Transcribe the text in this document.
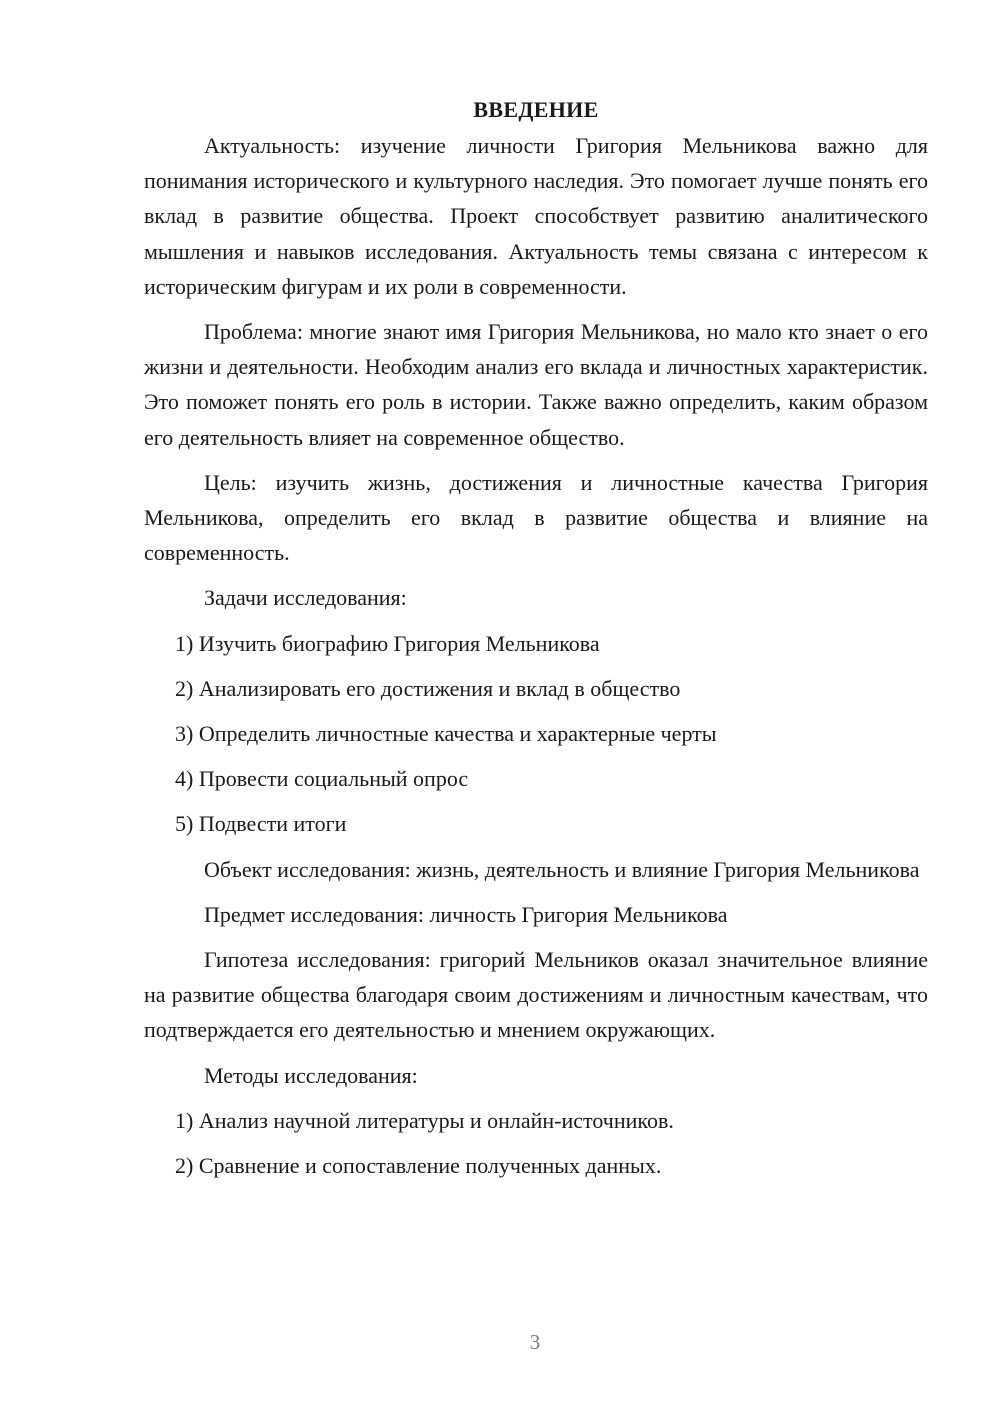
ВВЕДЕНИЕ

Актуальность: изучение личности Григория Мельникова важно для понимания исторического и культурного наследия. Это помогает лучше понять его вклад в развитие общества. Проект способствует развитию аналитического мышления и навыков исследования. Актуальность темы связана с интересом к историческим фигурам и их роли в современности.

Проблема: многие знают имя Григория Мельникова, но мало кто знает о его жизни и деятельности. Необходим анализ его вклада и личностных характеристик. Это поможет понять его роль в истории. Также важно определить, каким образом его деятельность влияет на современное общество.

Цель: изучить жизнь, достижения и личностные качества Григория Мельникова, определить его вклад в развитие общества и влияние на современность.

Задачи исследования:
1) Изучить биографию Григория Мельникова
2) Анализировать его достижения и вклад в общество
3) Определить личностные качества и характерные черты
4) Провести социальный опрос
5) Подвести итоги

Объект исследования: жизнь, деятельность и влияние Григория Мельникова

Предмет исследования: личность Григория Мельникова

Гипотеза исследования: григорий Мельников оказал значительное влияние на развитие общества благодаря своим достижениям и личностным качествам, что подтверждается его деятельностью и мнением окружающих.

Методы исследования:
1) Анализ научной литературы и онлайн-источников.
2) Сравнение и сопоставление полученных данных.
3
